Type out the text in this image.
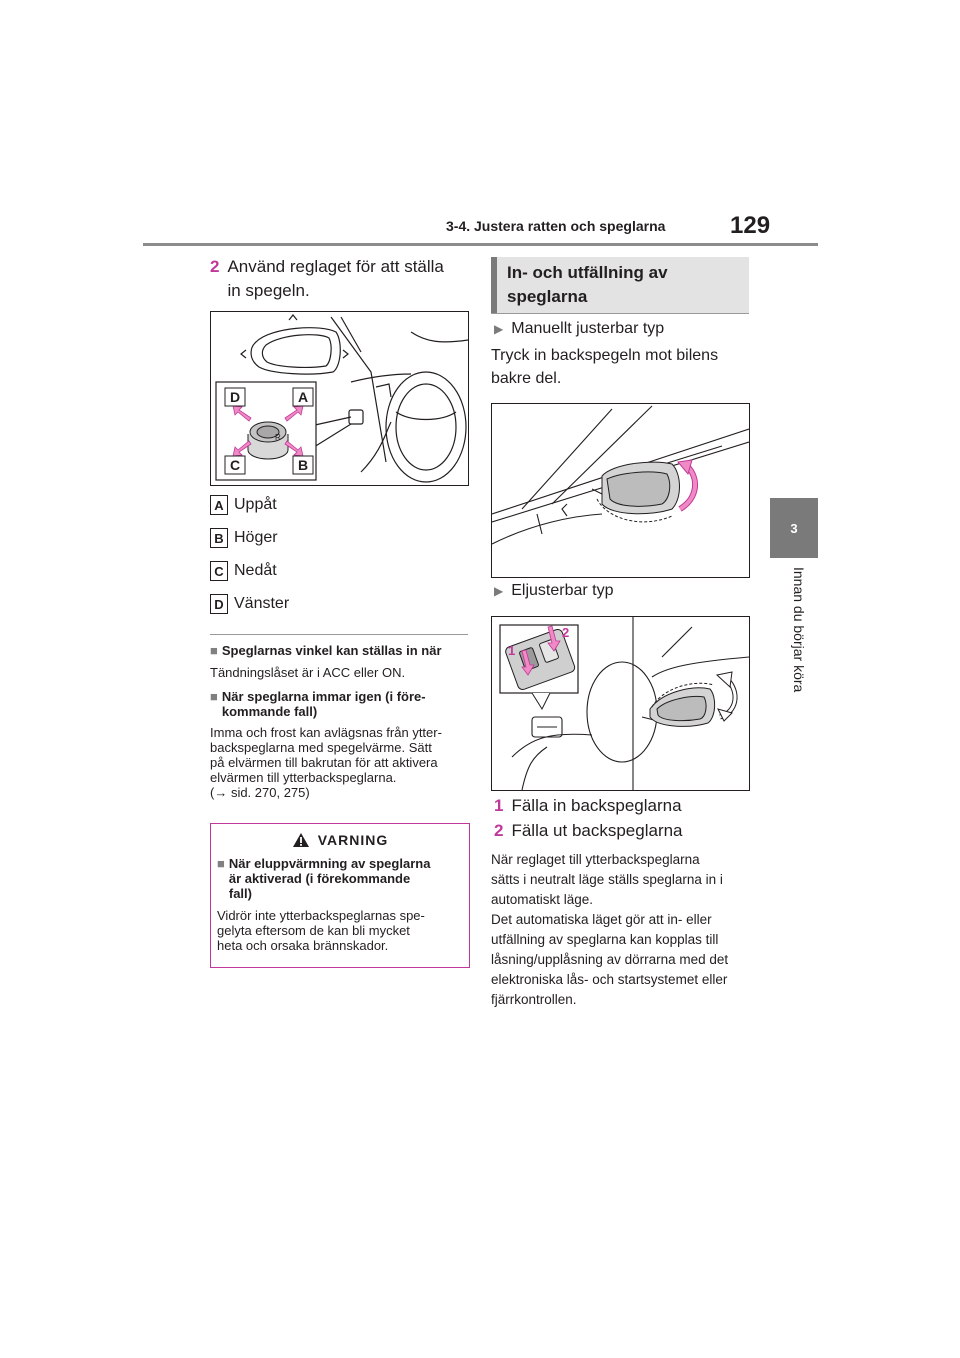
3-4. Justera ratten och speglarna	129
3
Innan du börjar köra
2 Använd reglaget för att ställa in spegeln.
R
D	A
C	B
A Uppåt
B Höger
C Nedåt
D Vänster
■ Speglarnas vinkel kan ställas in när
Tändningslåset är i ACC eller ON.
■ När speglarna immar igen (i före-
kommande fall)
Imma och frost kan avlägsnas från ytter-
backspeglarna med spegelvärme. Sätt
på elvärmen till bakrutan för att aktivera
elvärmen till ytterbackspeglarna.
(→ sid. 270, 275)
VARNING
■ När eluppvärmning av speglarna
är aktiverad (i förekommande
fall)
Vidrör inte ytterbackspeglarnas spe-
gelyta eftersom de kan bli mycket
heta och orsaka brännskador.
In- och utfällning av
speglarna
▶ Manuellt justerbar typ
Tryck in backspegeln mot bilens
bakre del.
▶ Eljusterbar typ
1
2
1 Fälla in backspeglarna
2 Fälla ut backspeglarna
När reglaget till ytterbackspeglarna
sätts i neutralt läge ställs speglarna in i
automatiskt läge.
Det automatiska läget gör att in- eller
utfällning av speglarna kan kopplas till
låsning/upplåsning av dörrarna med det
elektroniska lås- och startsystemet eller
fjärrkontrollen.
